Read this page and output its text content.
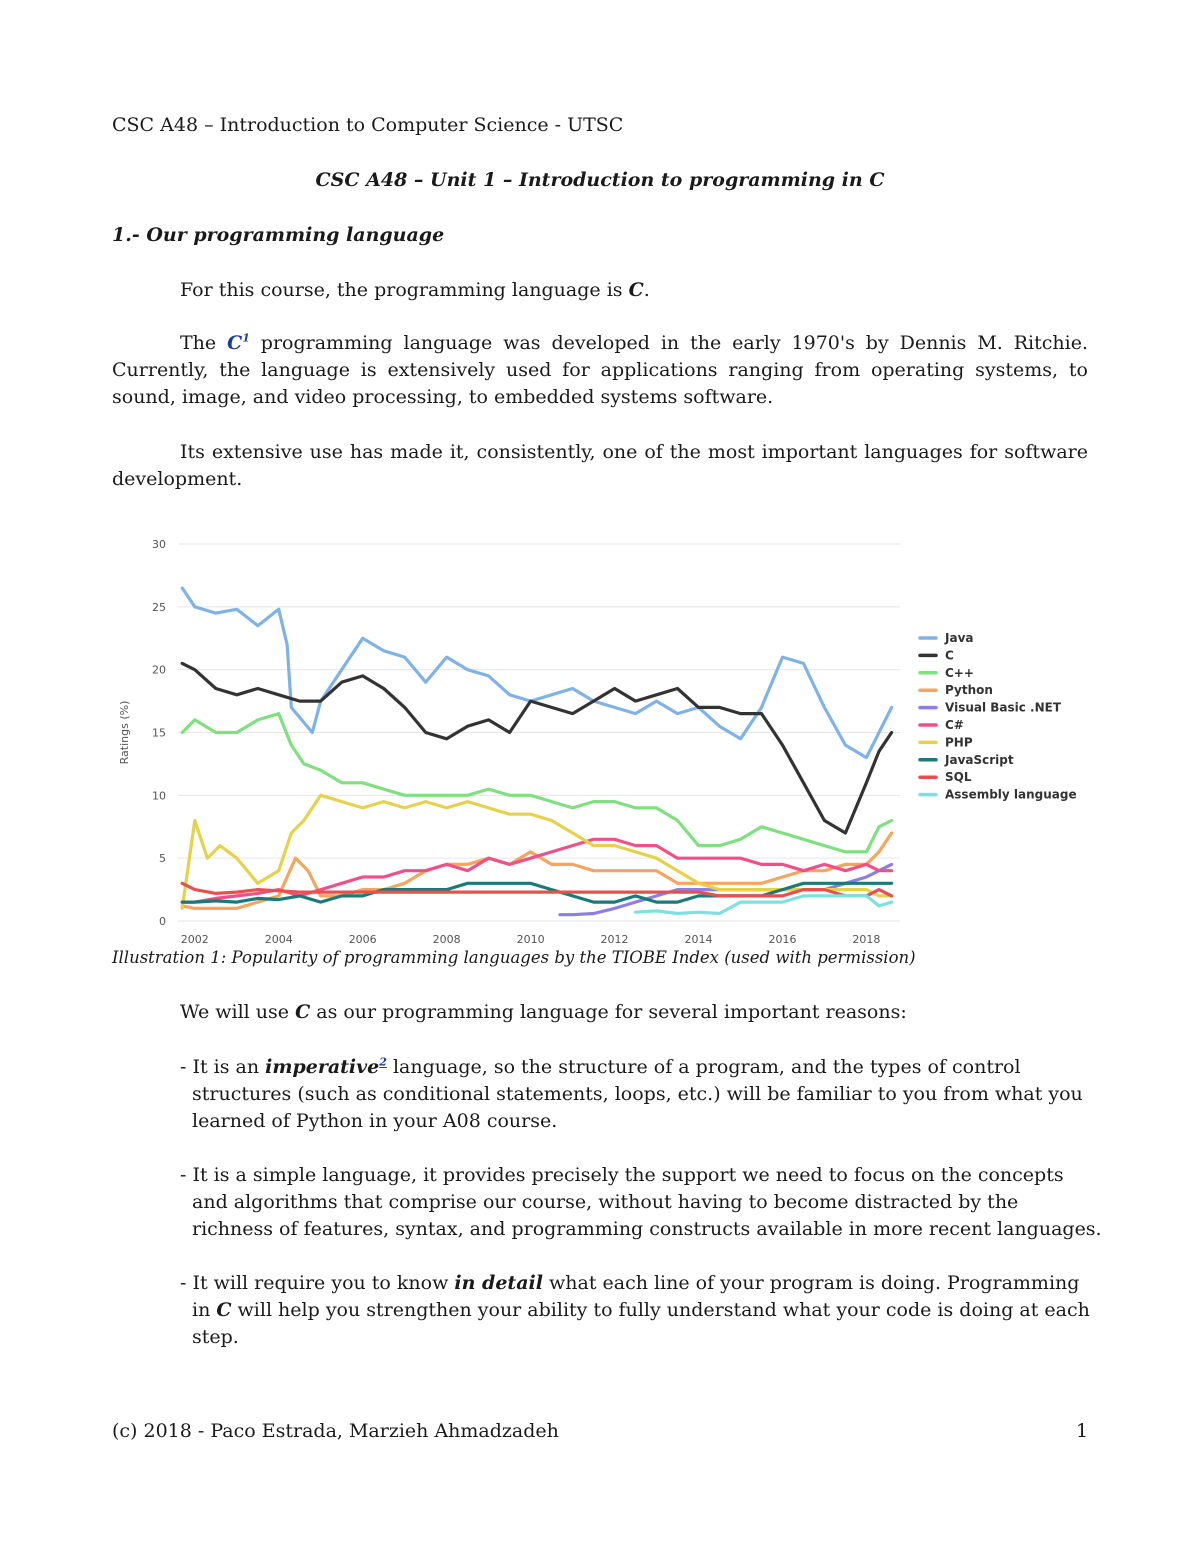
CSC A48 – Introduction to Computer Science - UTSC
CSC A48 – Unit 1 – Introduction to programming in C
1.- Our programming language
For this course, the programming language is C.
The C$^1$ programming language was developed in the early 1970's by Dennis M. Ritchie. Currently, the language is extensively used for applications ranging from operating systems, to sound, image, and video processing, to embedded systems software.
Its extensive use has made it, consistently, one of the most important languages for software development.
0
5
10
15
20
25
30
2002	2004	2006	2008	2010	2012	2014	2016	2018
Ratings (%)
Java
C
C++
Python
Visual Basic .NET
C#
PHP
JavaScript
SQL
Assembly language
Illustration 1: Popularity of programming languages by the TIOBE Index (used with permission)
We will use C as our programming language for several important reasons:
- It is an imperative$^2$ language, so the structure of a program, and the types of control structures (such as conditional statements, loops, etc.) will be familiar to you from what you learned of Python in your A08 course.
- It is a simple language, it provides precisely the support we need to focus on the concepts and algorithms that comprise our course, without having to become distracted by the richness of features, syntax, and programming constructs available in more recent languages.
- It will require you to know in detail what each line of your program is doing. Programming in C will help you strengthen your ability to fully understand what your code is doing at each step.
(c) 2018 - Paco Estrada, Marzieh Ahmadzadeh	1
